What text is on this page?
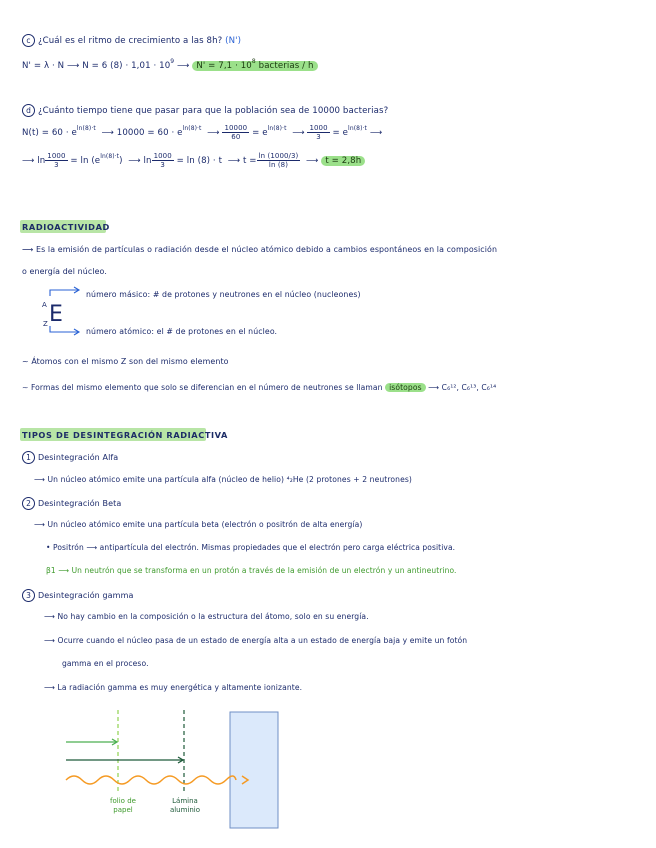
c ¿Cuál es el ritmo de crecimiento a las 8h? (N')
N' = λ · N ⟶ N = 6 $(8) \cdot 1,01 \cdot 10^9$ ⟶ $N' = 7,1 \cdot 10^8$ bacterias / h
d ¿Cuánto tiempo tiene que pasar para que la población sea de 10000 bacterias?
$N(t) = 60 \cdot e^{ln(8)\cdot t}$ ⟶ $10000 = 60 \cdot e^{ln(8)\cdot t}$  ⟶ $\frac{10000}{60} = e^{ln(8)\cdot t}$  ⟶ $\frac{1000}{3} = e^{ln(8)\cdot t}$ ⟶
⟶ $\ln \frac{1000}{3} = \ln (e^{ln(8)\cdot t})$ ⟶ $\ln \frac{1000}{3} = \ln (8) \cdot t$ ⟶ $t = \frac{\ln (1000/3)}{\ln (8)}$ ⟶ t = 2,8h
RADIOACTIVIDAD
⟶ Es la emisión de partículas o radiación desde el núcleo atómico debido a cambios espontáneos en la composición
o energía del núcleo.
E
A
Z
número másico: # de protones y neutrones en el núcleo (nucleones)
número atómico: el # de protones en el núcleo.
∼ Átomos con el mismo Z son del mismo elemento
∼ Formas del mismo elemento que solo se diferencian en el número de neutrones se llaman isótopos ⟶ C₆¹², C₆¹³, C₆¹⁴
TIPOS DE DESINTEGRACIÓN RADIACTIVA
1 Desintegración Alfa
⟶ Un núcleo atómico emite una partícula alfa (núcleo de helio) ⁴₂He (2 protones + 2 neutrones)
2 Desintegración Beta
⟶ Un núcleo atómico emite una partícula beta (electrón o positrón de alta energía)
• Positrón ⟶ antipartícula del electrón. Mismas propiedades que el electrón pero carga eléctrica positiva.
β1 ⟶ Un neutrón que se transforma en un protón a través de la emisión de un electrón y un antineutrino.
3 Desintegración gamma
⟶ No hay cambio en la composición o la estructura del átomo, solo en su energía.
⟶ Ocurre cuando el núcleo pasa de un estado de energía alta a un estado de energía baja y emite un fotón
gamma en el proceso.
⟶ La radiación gamma es muy energética y altamente ionizante.
folio de
papel
Lámina
aluminio
